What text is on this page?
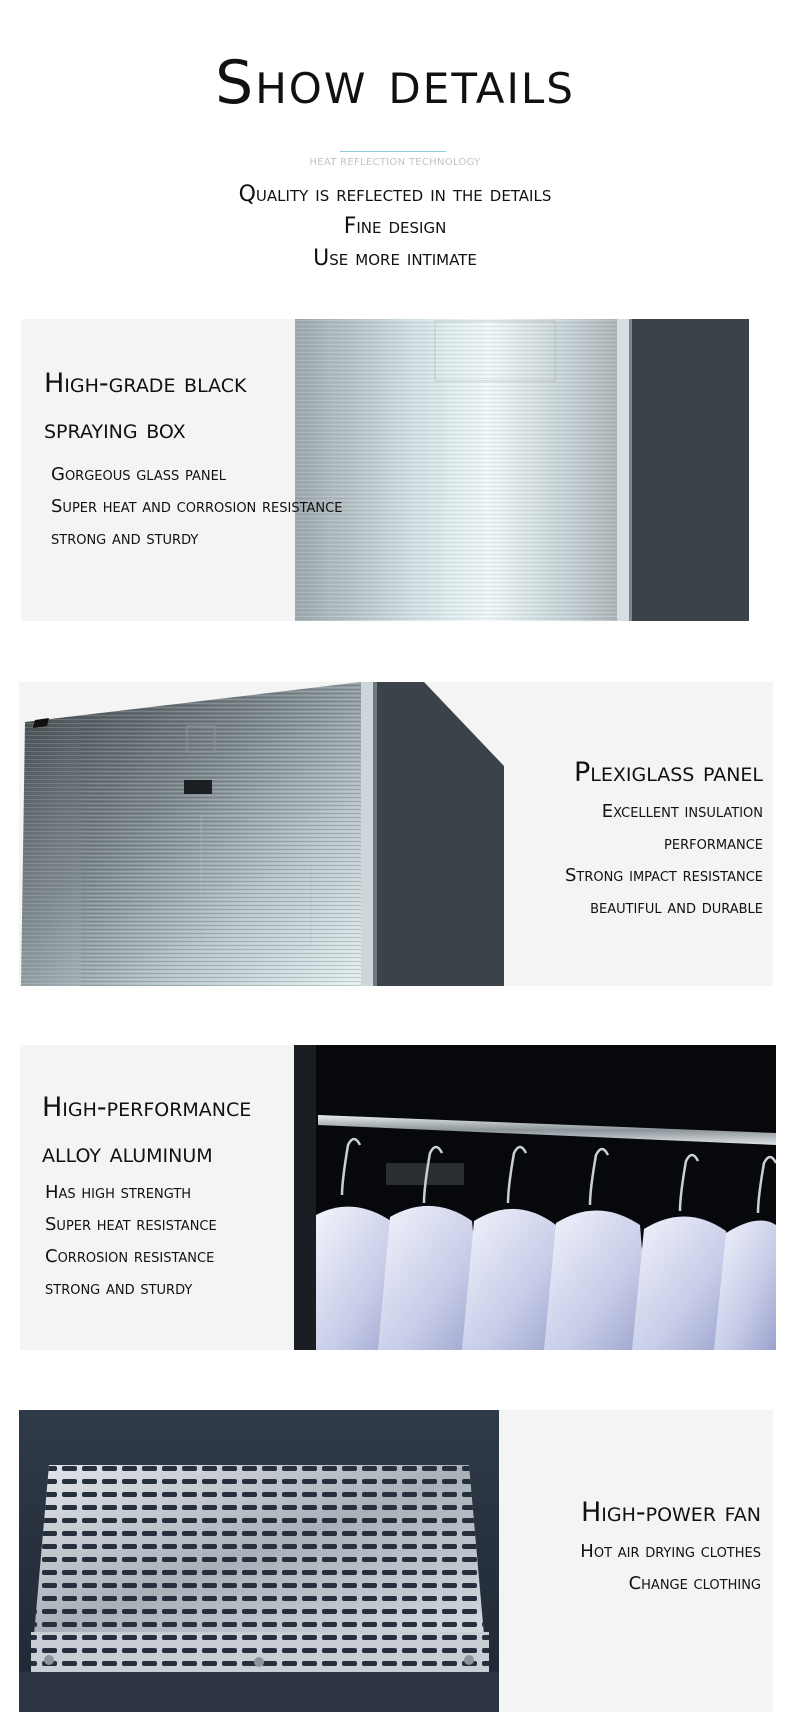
Show details
HEAT REFLECTION TECHNOLOGY
Quality is reflected in the details
Fine design
Use more intimate
High-grade black
spraying box
Gorgeous glass panel
Super heat and corrosion resistance
strong and sturdy
Plexiglass panel
Excellent insulation
performance
Strong impact resistance
beautiful and durable
High-performance
alloy aluminum
Has high strength
Super heat resistance
Corrosion resistance
strong and sturdy
High-power fan
Hot air drying clothes
Change clothing
